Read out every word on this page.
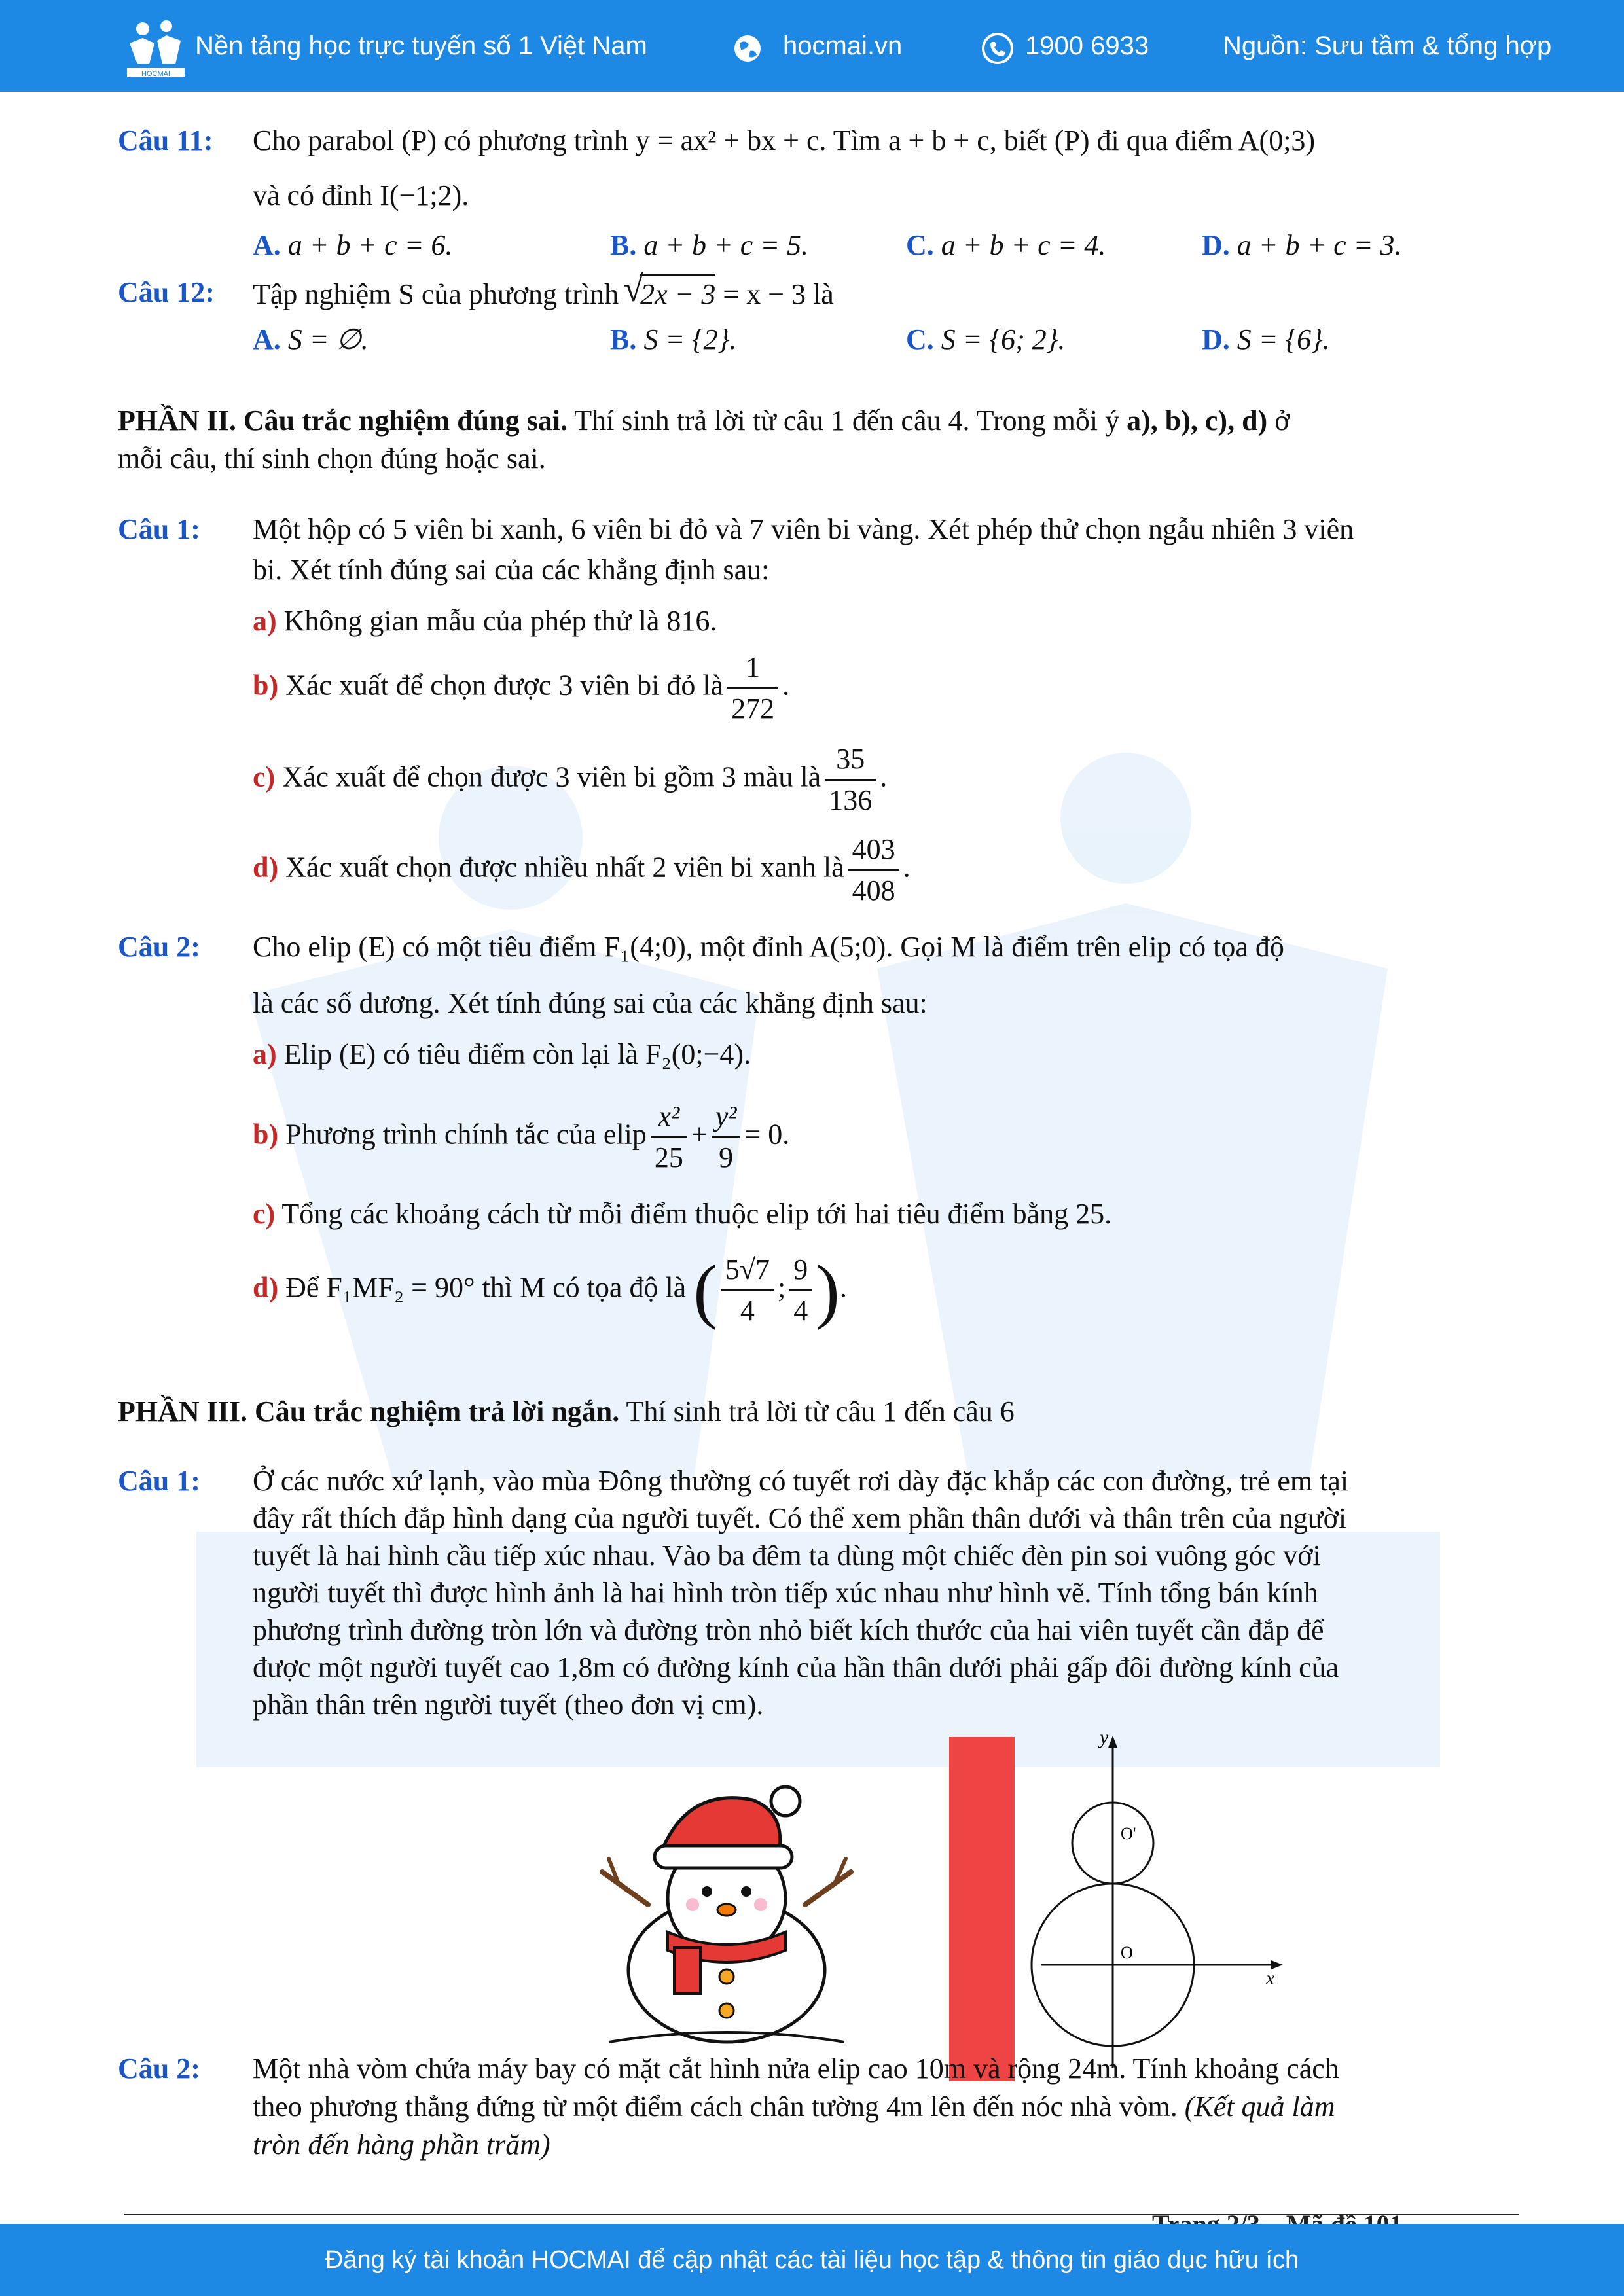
HOCMAI
Nền tảng học trực tuyến số 1 Việt Nam	hocmai.vn	1900 6933	Nguồn: Sưu tầm & tổng hợp
Câu 11: Cho parabol (P) có phương trình y = ax² + bx + c. Tìm a + b + c, biết (P) đi qua điểm A(0;3)
và có đỉnh I(−1;2).
A. a + b + c = 6.	B. a + b + c = 5.	C. a + b + c = 4.	D. a + b + c = 3.
Câu 12: Tập nghiệm S của phương trình √
2x − 3 = x − 3 là
A. S = ∅.	B. S = {2}.	C. S = {6; 2}.	D. S = {6}.
PHẦN II. Câu trắc nghiệm đúng sai. Thí sinh trả lời từ câu 1 đến câu 4. Trong mỗi ý a), b), c), d) ở
mỗi câu, thí sinh chọn đúng hoặc sai.
Câu 1: Một hộp có 5 viên bi xanh, 6 viên bi đỏ và 7 viên bi vàng. Xét phép thử chọn ngẫu nhiên 3 viên
bi. Xét tính đúng sai của các khẳng định sau:
a) Không gian mẫu của phép thử là 816.
b) Xác xuất để chọn được 3 viên bi đỏ là $\frac{1}{272}$ .
c) Xác xuất để chọn được 3 viên bi gồm 3 màu là $\frac{35}{136}$ .
d) Xác xuất chọn được nhiều nhất 2 viên bi xanh là $\frac{403}{408}$ .
Câu 2: Cho elip (E) có một tiêu điểm F₁(4;0), một đỉnh A(5;0). Gọi M là điểm trên elip có tọa độ
là các số dương. Xét tính đúng sai của các khẳng định sau:
a) Elip (E) có tiêu điểm còn lại là F₂(0;−4).
b) Phương trình chính tắc của elip $\frac{\text{x²}}{25} + \frac{\text{y²}}{9} = 0$.
c) Tổng các khoảng cách từ mỗi điểm thuộc elip tới hai tiêu điểm bằng 25.
d) Để F₁MF₂ = 90° thì M có tọa độ là ( $\frac{5√7}{4}$ ; $\frac{9}{4}$ ).
PHẦN III. Câu trắc nghiệm trả lời ngắn. Thí sinh trả lời từ câu 1 đến câu 6
Câu 1: Ở các nước xứ lạnh, vào mùa Đông thường có tuyết rơi dày đặc khắp các con đường, trẻ em tại
đây rất thích đắp hình dạng của người tuyết. Có thể xem phần thân dưới và thân trên của người
tuyết là hai hình cầu tiếp xúc nhau. Vào ba đêm ta dùng một chiếc đèn pin soi vuông góc với
người tuyết thì được hình ảnh là hai hình tròn tiếp xúc nhau như hình vẽ. Tính tổng bán kính
phương trình đường tròn lớn và đường tròn nhỏ biết kích thước của hai viên tuyết cần đắp để
được một người tuyết cao 1,8m có đường kính của hần thân dưới phải gấp đôi đường kính của
phần thân trên người tuyết (theo đơn vị cm).
y
x
O
O'
Câu 2: Một nhà vòm chứa máy bay có mặt cắt hình nửa elip cao 10m và rộng 24m. Tính khoảng cách
theo phương thẳng đứng từ một điểm cách chân tường 4m lên đến nóc nhà vòm. (Kết quả làm
tròn đến hàng phần trăm)
Đăng ký tài khoản HOCMAI để cập nhật các tài liệu học tập & thông tin giáo dục hữu ích
